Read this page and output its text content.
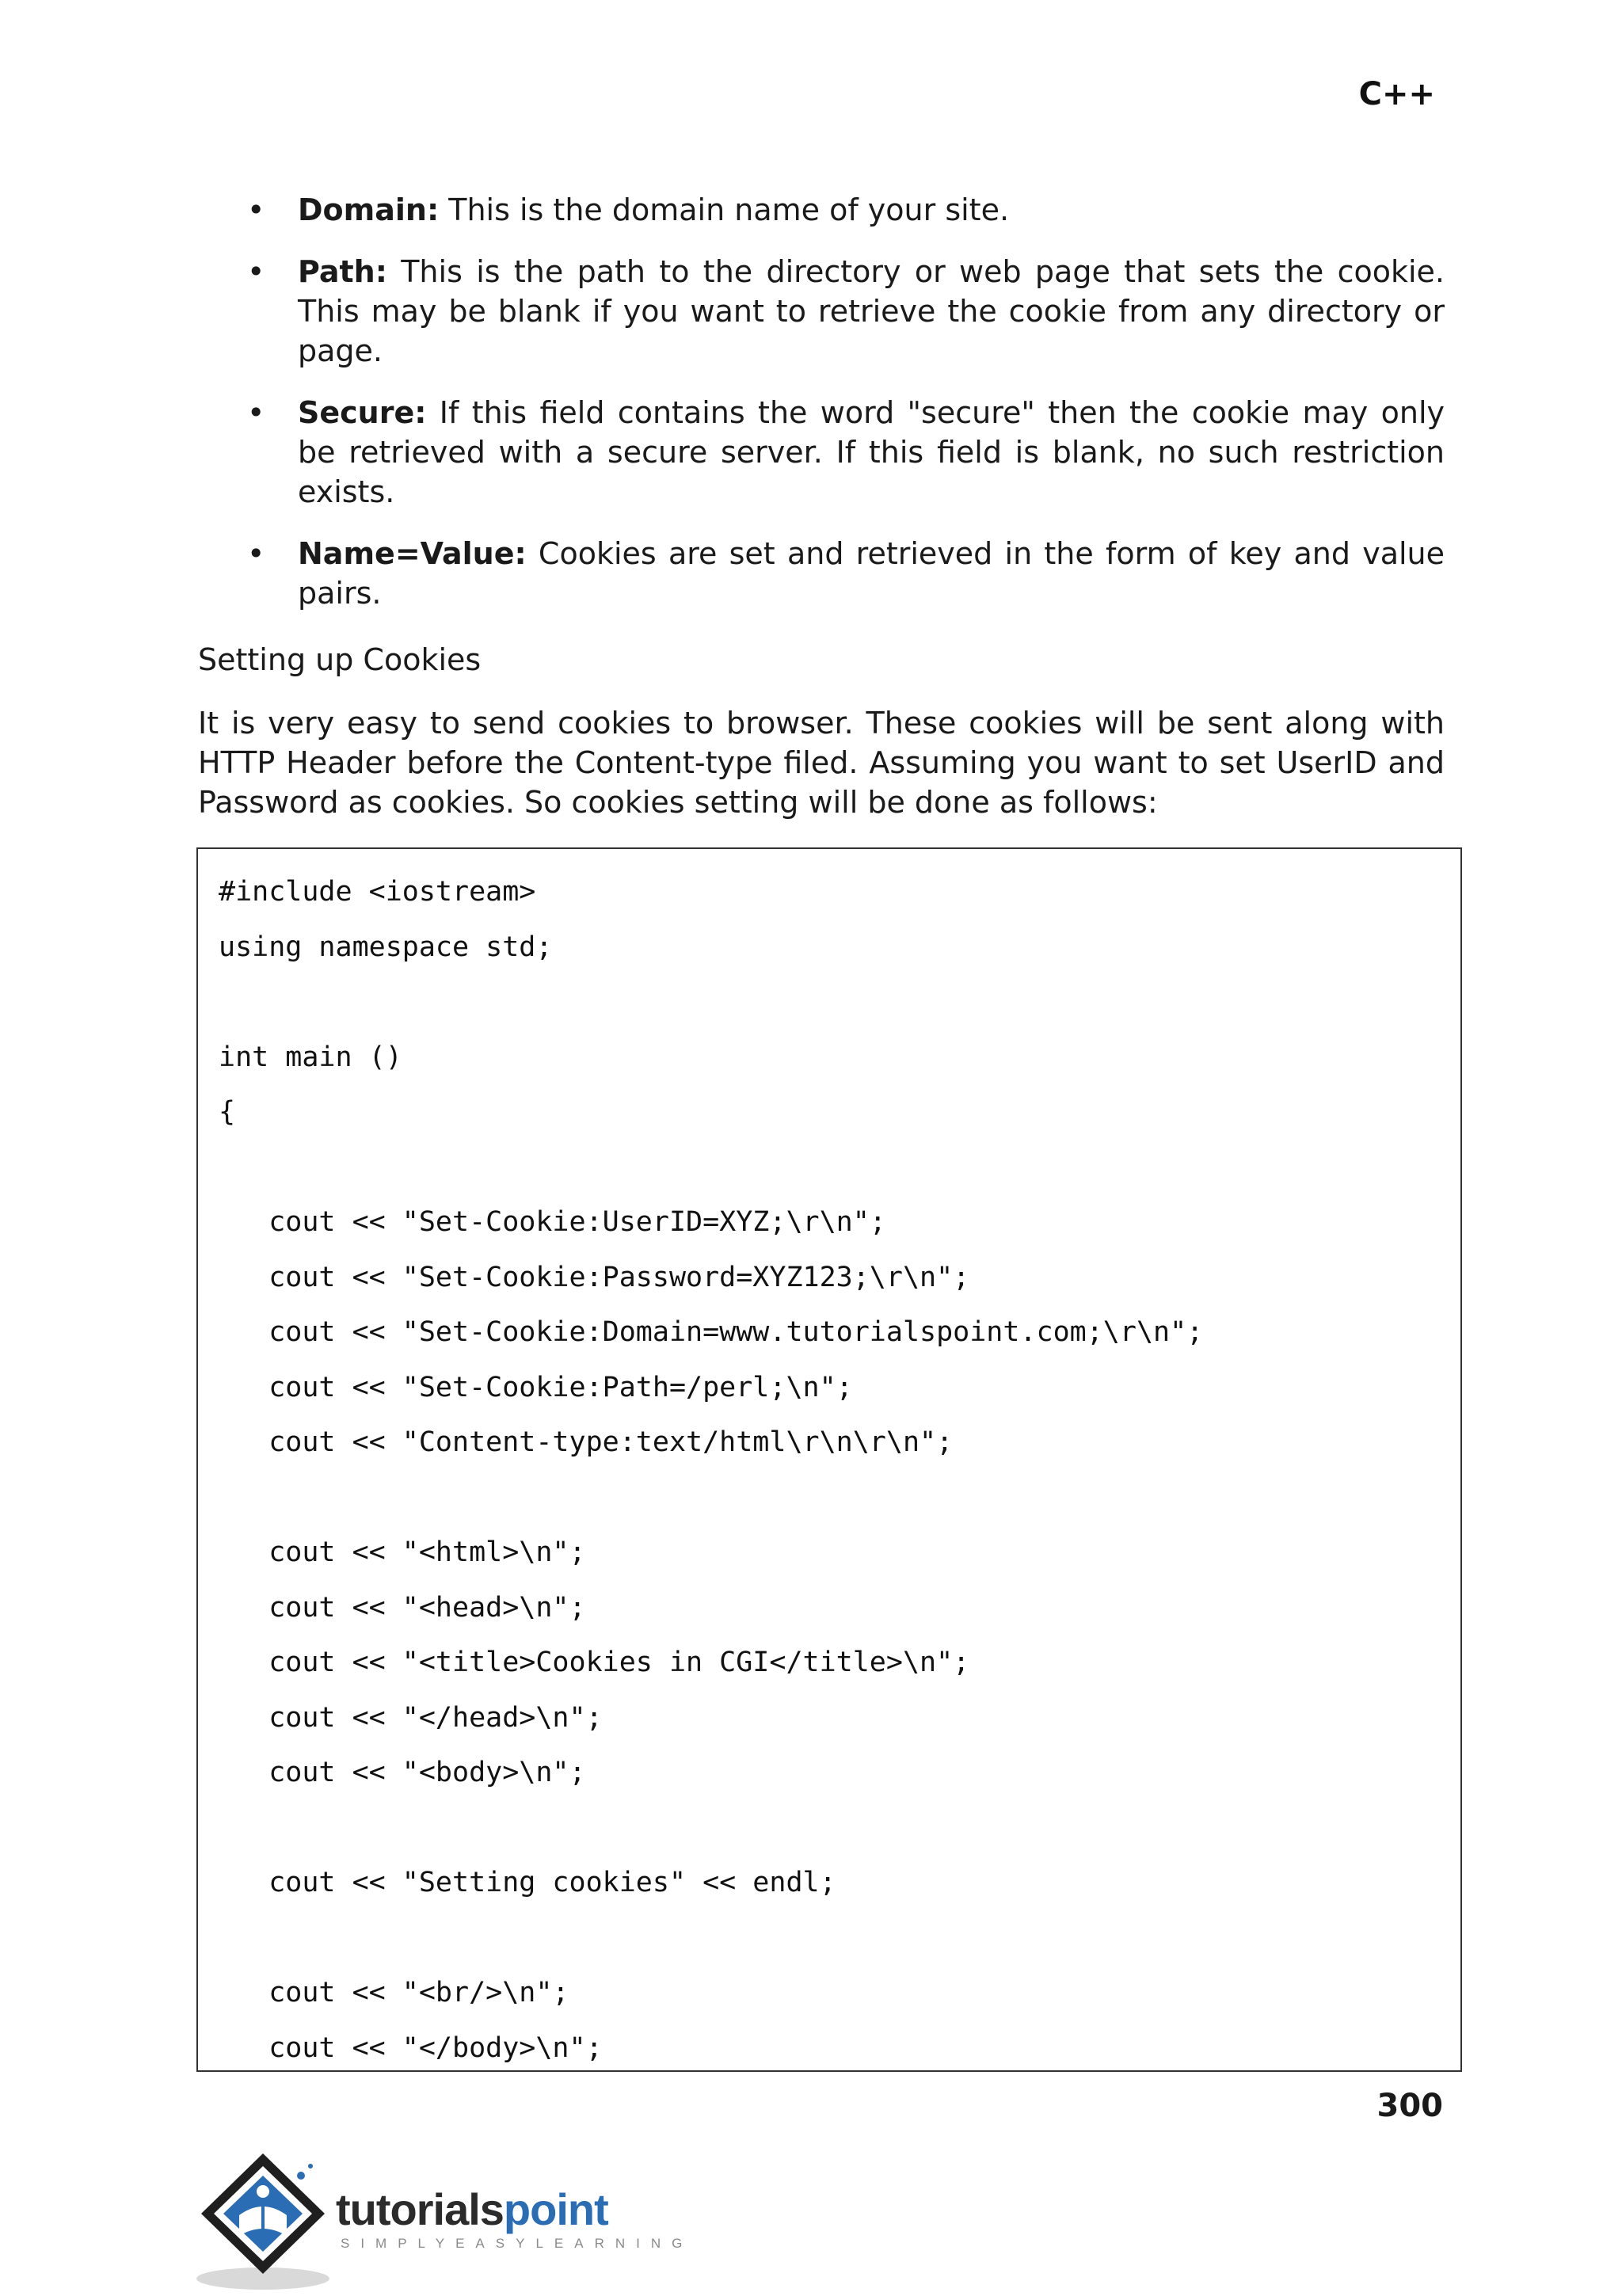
C++
• Domain: This is the domain name of your site.
• Path: This is the path to the directory or web page that sets the cookie. This may be blank if you want to retrieve the cookie from any directory or page.
• Secure: If this field contains the word "secure" then the cookie may only be retrieved with a secure server. If this field is blank, no such restriction exists.
• Name=Value: Cookies are set and retrieved in the form of key and value pairs.
Setting up Cookies

It is very easy to send cookies to browser. These cookies will be sent along with HTTP Header before the Content-type filed. Assuming you want to set UserID and Password as cookies. So cookies setting will be done as follows:

#include <iostream>
using namespace std;
int main ()
{
cout << "Set-Cookie:UserID=XYZ;\r\n";
cout << "Set-Cookie:Password=XYZ123;\r\n";
cout << "Set-Cookie:Domain=www.tutorialspoint.com;\r\n";
cout << "Set-Cookie:Path=/perl;\n";
cout << "Content-type:text/html\r\n\r\n";
cout << "<html>\n";
cout << "<head>\n";
cout << "<title>Cookies in CGI</title>\n";
cout << "</head>\n";
cout << "<body>\n";
cout << "Setting cookies" << endl;
cout << "<br/>\n";
cout << "</body>\n";
300
tutorialspoint
SIMPLYEASYLEARNING
